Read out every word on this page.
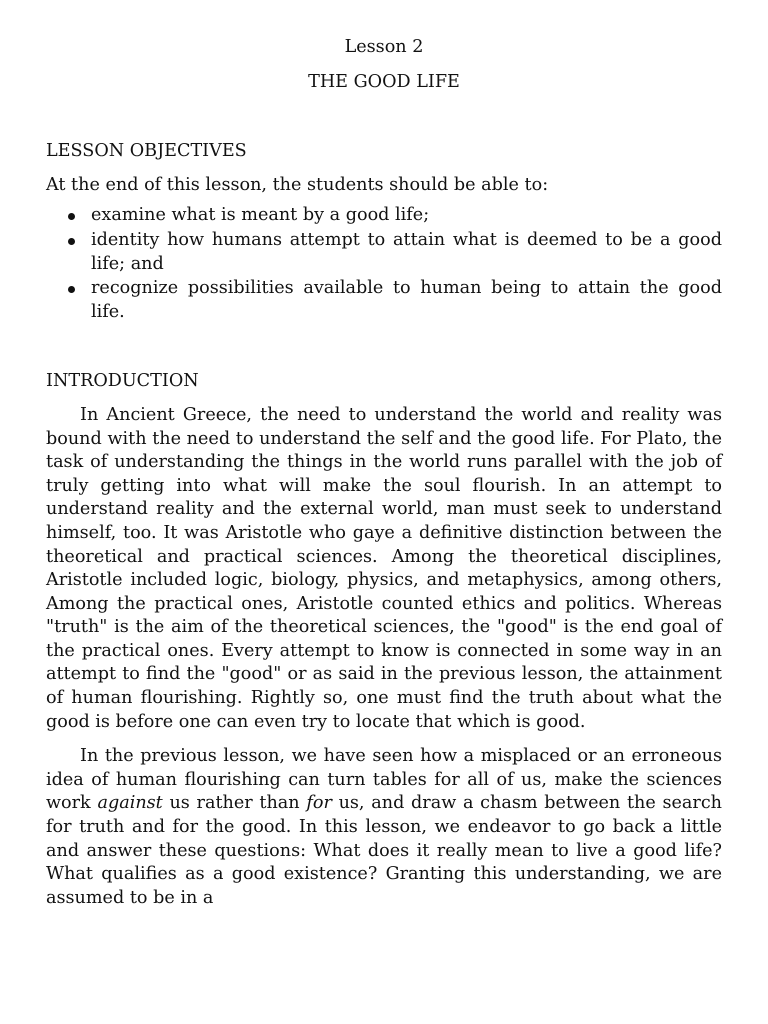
Lesson 2

THE GOOD LIFE

LESSON OBJECTIVES

At the end of this lesson, the students should be able to:

examine what is meant by a good life;
identity how humans attempt to attain what is deemed to be a good life; and
recognize possibilities available to human being to attain the good life.
INTRODUCTION

In Ancient Greece, the need to understand the world and reality was bound with the need to understand the self and the good life. For Plato, the task of understanding the things in the world runs parallel with the job of truly getting into what will make the soul flourish. In an attempt to understand reality and the external world, man must seek to understand himself, too. It was Aristotle who gaye a definitive distinction between the theoretical and practical sciences. Among the theoretical disciplines, Aristotle included logic, biology, physics, and metaphysics, among others, Among the practical ones, Aristotle counted ethics and politics. Whereas "truth" is the aim of the theoretical sciences, the "good" is the end goal of the practical ones. Every attempt to know is connected in some way in an attempt to find the "good" or as said in the previous lesson, the attainment of human flourishing. Rightly so, one must find the truth about what the good is before one can even try to locate that which is good.

In the previous lesson, we have seen how a misplaced or an erroneous idea of human flourishing can turn tables for all of us, make the sciences work against us rather than for us, and draw a chasm between the search for truth and for the good. In this lesson, we endeavor to go back a little and answer these questions: What does it really mean to live a good life? What qualifies as a good existence? Granting this understanding, we are assumed to be in a
